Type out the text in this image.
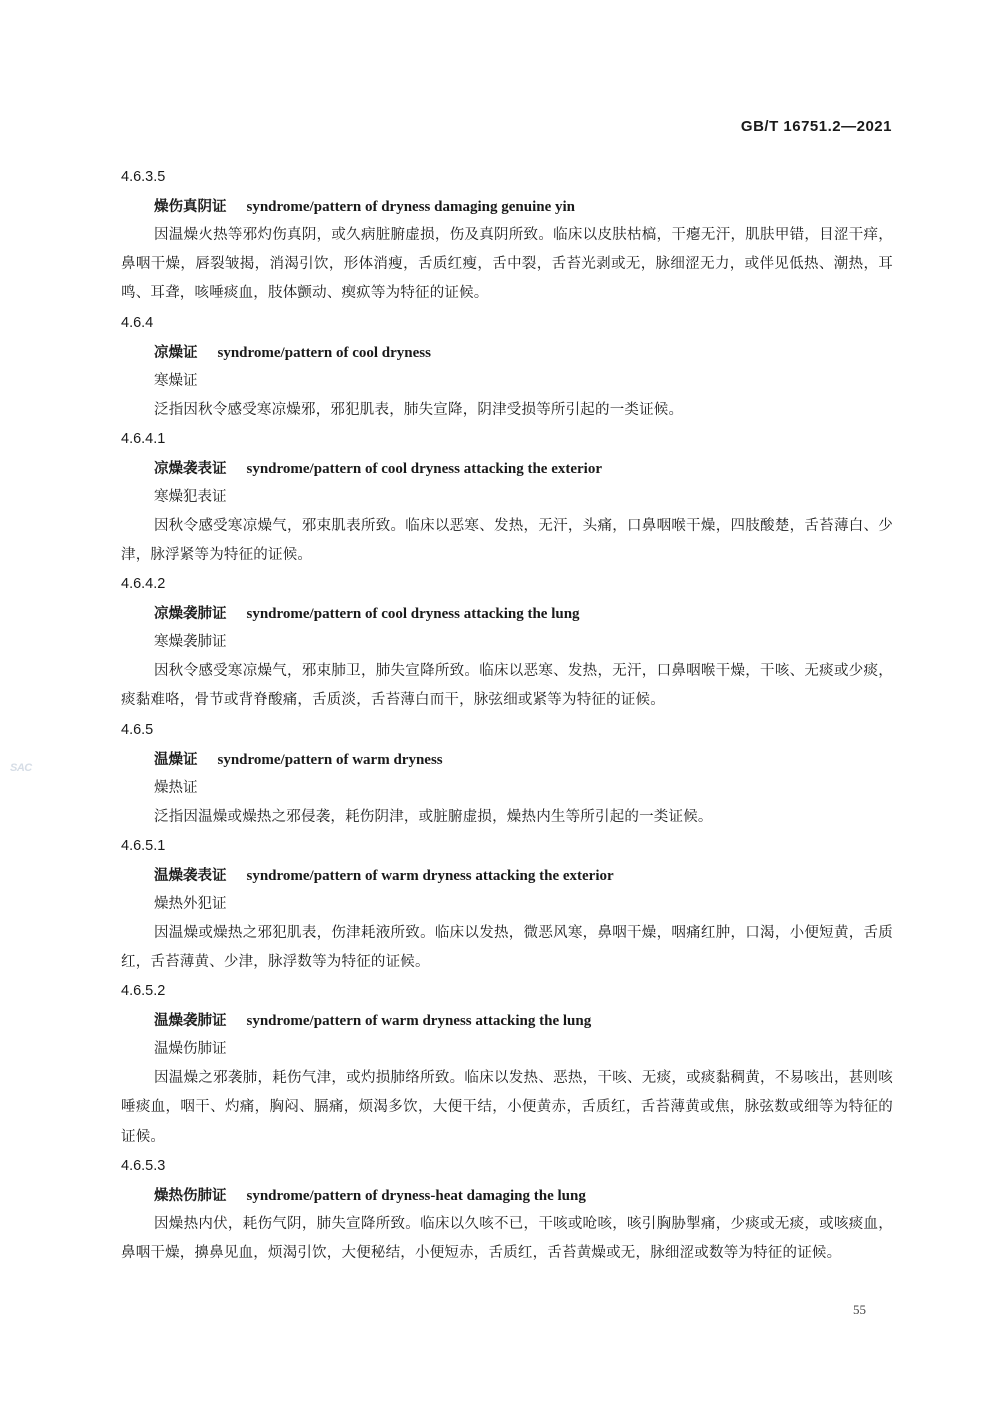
GB/T 16751.2—2021
SAC
4.6.3.5
燥伤真阴证 syndrome/pattern of dryness damaging genuine yin
因温燥火热等邪灼伤真阴，或久病脏腑虚损，伤及真阴所致。临床以皮肤枯槁，干瘪无汗，肌肤甲错，目涩干痒，鼻咽干燥，唇裂皱揭，消渴引饮，形体消瘦，舌质红瘦，舌中裂，舌苔光剥或无，脉细涩无力，或伴见低热、潮热，耳鸣、耳聋，咳唾痰血，肢体颤动、瘈疭等为特征的证候。
4.6.4
凉燥证 syndrome/pattern of cool dryness
寒燥证
泛指因秋令感受寒凉燥邪，邪犯肌表，肺失宣降，阴津受损等所引起的一类证候。
4.6.4.1
凉燥袭表证 syndrome/pattern of cool dryness attacking the exterior
寒燥犯表证
因秋令感受寒凉燥气，邪束肌表所致。临床以恶寒、发热，无汗，头痛，口鼻咽喉干燥，四肢酸楚，舌苔薄白、少津，脉浮紧等为特征的证候。
4.6.4.2
凉燥袭肺证 syndrome/pattern of cool dryness attacking the lung
寒燥袭肺证
因秋令感受寒凉燥气，邪束肺卫，肺失宣降所致。临床以恶寒、发热，无汗，口鼻咽喉干燥，干咳、无痰或少痰，痰黏难咯，骨节或背脊酸痛，舌质淡，舌苔薄白而干，脉弦细或紧等为特征的证候。
4.6.5
温燥证 syndrome/pattern of warm dryness
燥热证
泛指因温燥或燥热之邪侵袭，耗伤阴津，或脏腑虚损，燥热内生等所引起的一类证候。
4.6.5.1
温燥袭表证 syndrome/pattern of warm dryness attacking the exterior
燥热外犯证
因温燥或燥热之邪犯肌表，伤津耗液所致。临床以发热，微恶风寒，鼻咽干燥，咽痛红肿，口渴，小便短黄，舌质红，舌苔薄黄、少津，脉浮数等为特征的证候。
4.6.5.2
温燥袭肺证 syndrome/pattern of warm dryness attacking the lung
温燥伤肺证
因温燥之邪袭肺，耗伤气津，或灼损肺络所致。临床以发热、恶热，干咳、无痰，或痰黏稠黄，不易咳出，甚则咳唾痰血，咽干、灼痛，胸闷、膈痛，烦渴多饮，大便干结，小便黄赤，舌质红，舌苔薄黄或焦，脉弦数或细等为特征的证候。
4.6.5.3
燥热伤肺证 syndrome/pattern of dryness-heat damaging the lung
因燥热内伏，耗伤气阴，肺失宣降所致。临床以久咳不已，干咳或呛咳，咳引胸胁掣痛，少痰或无痰，或咳痰血，鼻咽干燥，擤鼻见血，烦渴引饮，大便秘结，小便短赤，舌质红，舌苔黄燥或无，脉细涩或数等为特征的证候。
55
